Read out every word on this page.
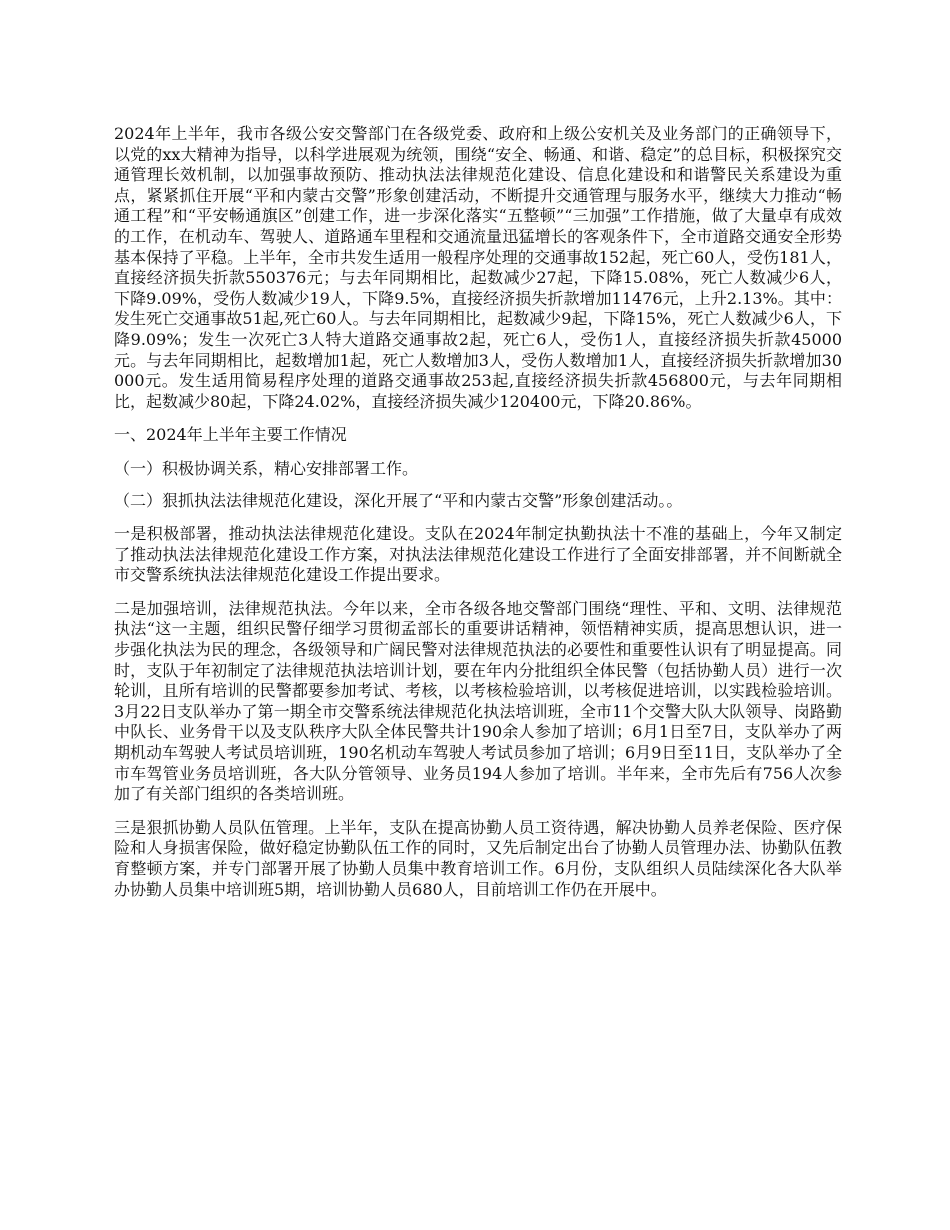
2024年上半年，我市各级公安交警部门在各级党委、政府和上级公安机关及业务部门的正确领导下，以党的xx大精神为指导，以科学进展观为统领，围绕“安全、畅通、和谐、稳定”的总目标，积极探究交通管理长效机制，以加强事故预防、推动执法法律规范化建设、信息化建设和和谐警民关系建设为重点，紧紧抓住开展“平和内蒙古交警”形象创建活动，不断提升交通管理与服务水平，继续大力推动“畅通工程”和“平安畅通旗区”创建工作，进一步深化落实“五整顿”“三加强”工作措施，做了大量卓有成效的工作，在机动车、驾驶人、道路通车里程和交通流量迅猛增长的客观条件下，全市道路交通安全形势基本保持了平稳。上半年，全市共发生适用一般程序处理的交通事故152起，死亡60人，受伤181人，直接经济损失折款550376元；与去年同期相比，起数减少27起，下降15.08%，死亡人数减少6人，下降9.09%，受伤人数减少19人，下降9.5%，直接经济损失折款增加11476元，上升2.13%。其中：发生死亡交通事故51起,死亡60人。与去年同期相比，起数减少9起，下降15%，死亡人数减少6人，下降9.09%；发生一次死亡3人特大道路交通事故2起，死亡6人，受伤1人，直接经济损失折款45000元。与去年同期相比，起数增加1起，死亡人数增加3人，受伤人数增加1人，直接经济损失折款增加30000元。发生适用简易程序处理的道路交通事故253起,直接经济损失折款456800元，与去年同期相比，起数减少80起，下降24.02%，直接经济损失减少120400元，下降20.86%。

一、2024年上半年主要工作情况

（一）积极协调关系，精心安排部署工作。

（二）狠抓执法法律规范化建设，深化开展了“平和内蒙古交警”形象创建活动。。

一是积极部署，推动执法法律规范化建设。支队在2024年制定执勤执法十不准的基础上，今年又制定了推动执法法律规范化建设工作方案，对执法法律规范化建设工作进行了全面安排部署，并不间断就全市交警系统执法法律规范化建设工作提出要求。

二是加强培训，法律规范执法。今年以来，全市各级各地交警部门围绕“理性、平和、文明、法律规范执法“这一主题，组织民警仔细学习贯彻孟部长的重要讲话精神，领悟精神实质，提高思想认识，进一步强化执法为民的理念，各级领导和广阔民警对法律规范执法的必要性和重要性认识有了明显提高。同时，支队于年初制定了法律规范执法培训计划，要在年内分批组织全体民警（包括协勤人员）进行一次轮训，且所有培训的民警都要参加考试、考核，以考核检验培训，以考核促进培训，以实践检验培训。3月22日支队举办了第一期全市交警系统法律规范化执法培训班，全市11个交警大队大队领导、岗路勤中队长、业务骨干以及支队秩序大队全体民警共计190余人参加了培训；6月1日至7日，支队举办了两期机动车驾驶人考试员培训班，190名机动车驾驶人考试员参加了培训；6月9日至11日，支队举办了全市车驾管业务员培训班，各大队分管领导、业务员194人参加了培训。半年来，全市先后有756人次参加了有关部门组织的各类培训班。

三是狠抓协勤人员队伍管理。上半年，支队在提高协勤人员工资待遇，解决协勤人员养老保险、医疗保险和人身损害保险，做好稳定协勤队伍工作的同时，又先后制定出台了协勤人员管理办法、协勤队伍教育整顿方案，并专门部署开展了协勤人员集中教育培训工作。6月份，支队组织人员陆续深化各大队举办协勤人员集中培训班5期，培训协勤人员680人，目前培训工作仍在开展中。
